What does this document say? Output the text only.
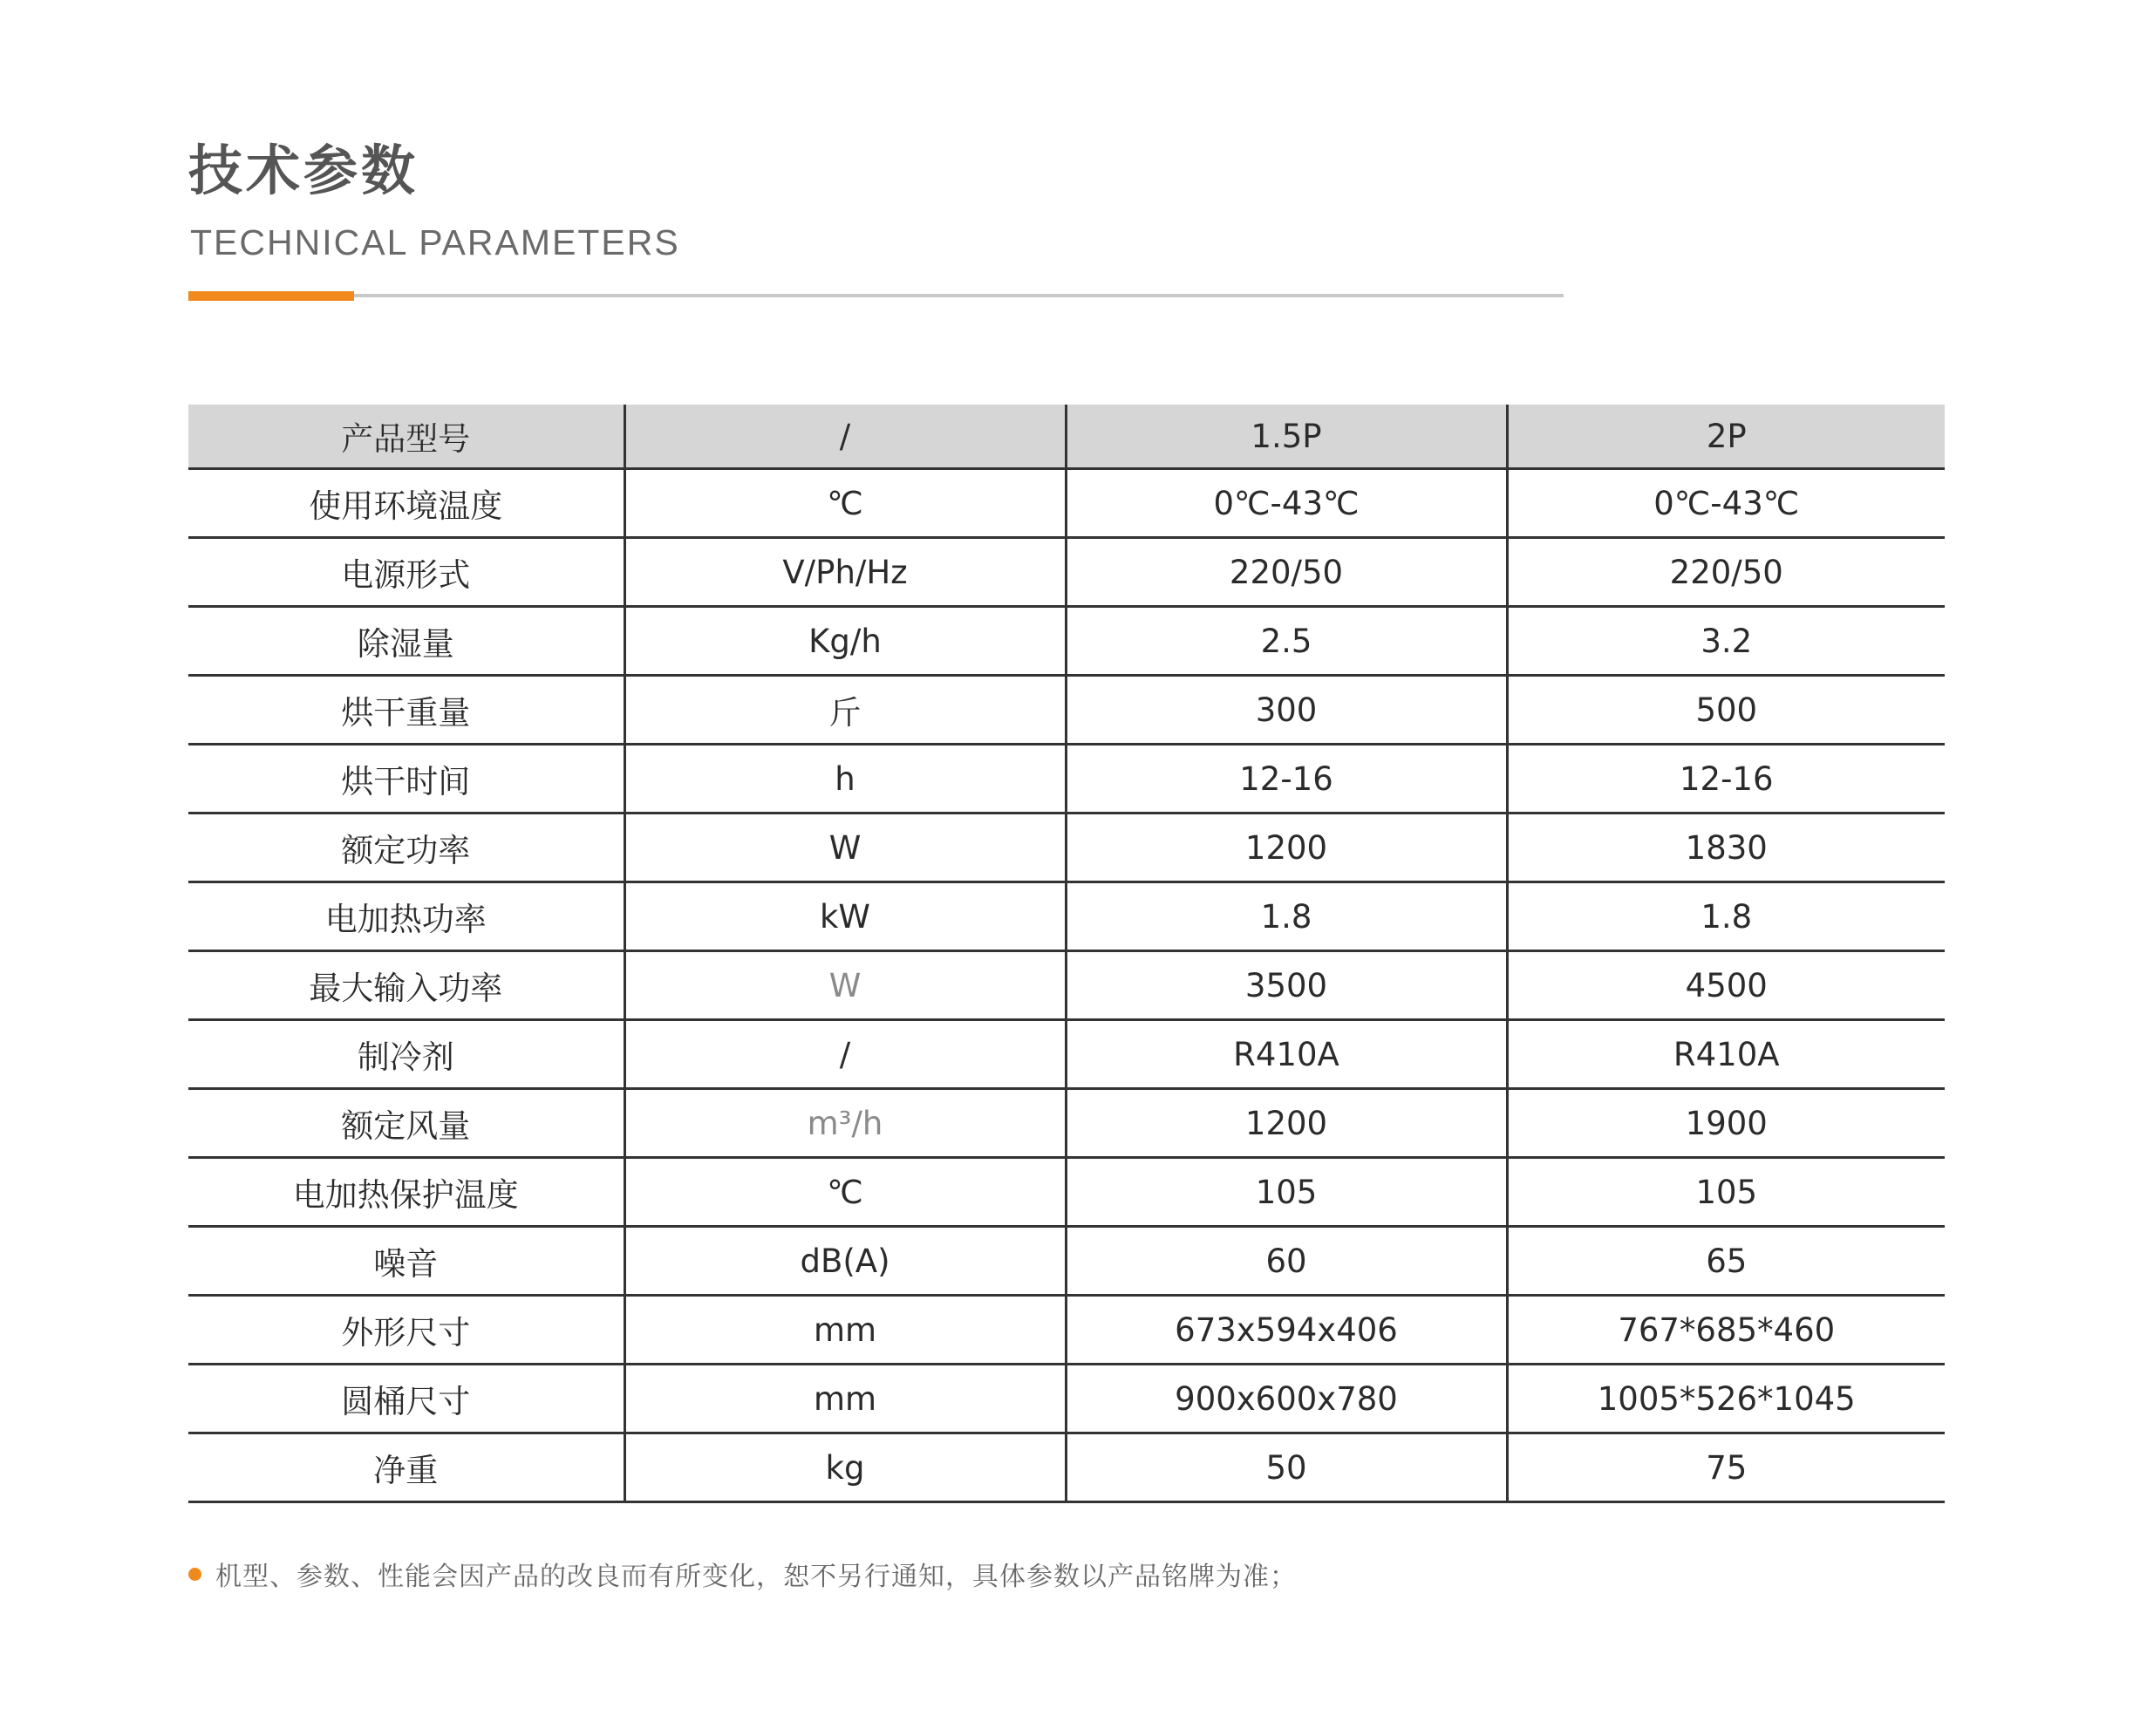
技术参数
TECHNICAL PARAMETERS
产品型号	/	1.5P	2P
使用环境温度	℃	0℃-43℃	0℃-43℃
电源形式	V/Ph/Hz	220/50	220/50
除湿量	Kg/h	2.5	3.2
烘干重量	斤	300	500
烘干时间	h	12-16	12-16
额定功率	W	1200	1830
电加热功率	kW	1.8	1.8
最大输入功率	W	3500	4500
制冷剂	/	R410A	R410A
额定风量	m³/h	1200	1900
电加热保护温度	℃	105	105
噪音	dB(A)	60	65
外形尺寸	mm	673x594x406	767*685*460
圆桶尺寸	mm	900x600x780	1005*526*1045
净重	kg	50	75
机型、参数、性能会因产品的改良而有所变化，恕不另行通知，具体参数以产品铭牌为准；
